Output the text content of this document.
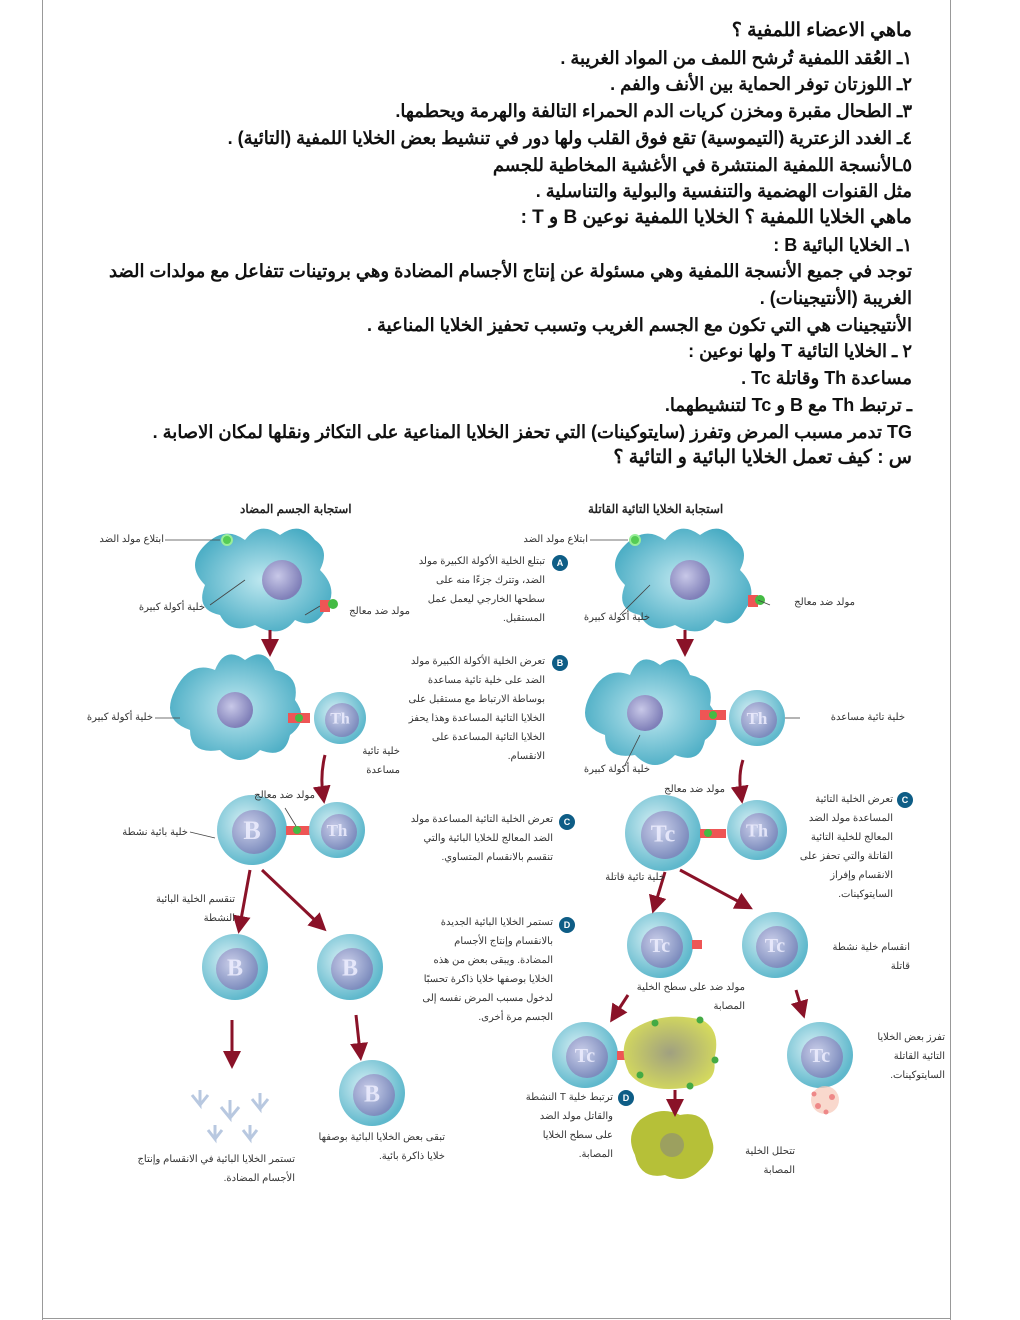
ماهي الاعضاء اللمفية ؟
١ـ العُقد اللمفية تُرشح اللمف من المواد الغريبة .
٢ـ اللوزتان توفر الحماية بين الأنف والفم .
٣ـ الطحال مقبرة ومخزن كريات الدم الحمراء التالفة والهرمة ويحطمها.
٤ـ الغدد الزعترية (التيموسية) تقع فوق القلب ولها دور في تنشيط بعض الخلايا اللمفية (التائية) .
٥ـالأنسجة اللمفية المنتشرة في الأغشية المخاطية للجسم
مثل القنوات الهضمية والتنفسية والبولية والتناسلية .
ماهي الخلايا اللمفية ؟ الخلايا اللمفية نوعين B و T :
١ـ الخلايا البائية B :
توجد في جميع الأنسجة اللمفية وهي مسئولة عن إنتاج الأجسام المضادة وهي بروتينات تتفاعل مع مولدات الضد الغريبة (الأنتيجينات) .
الأنتيجينات هي التي تكون مع الجسم الغريب وتسبب تحفيز الخلايا المناعية .
٢ ـ الخلايا التائية T ولها نوعين :
مساعدة Th وقاتلة Tc .
ـ ترتبط Th مع B و Tc لتنشيطهما.
TG تدمر مسبب المرض وتفرز (سايتوكينات) التي تحفز الخلايا المناعية على التكاثر ونقلها لمكان الاصابة .
س : كيف تعمل الخلايا البائية و التائية ؟
Th	Th
B	Th	Tc	Th
B	B
B
Tc	Tc
Tc	Tc
استجابة الجسم المضاد	استجابة الخلايا التائية القاتلة
ابتلاع مولد الضد	ابتلاع مولد الضد
خلية أكولة كبيرة
خلية أكولة كبيرة
مولد ضد معالج
مولد ضد معالج
خلية أكولة كبيرة
خلية أكولة كبيرة
خلية تائية مساعدة
خلية تائية مساعدة
مولد ضد معالج
مولد ضد معالج
خلية بائية نشطة
تنقسم الخلية البائية النشطة
خلية تائية قاتلة
انقسام خلية نشطة قاتلة
مولد ضد على سطح الخلية المصابة
تستمر الخلايا البائية في الانقسام وإنتاج الأجسام المضادة.
تبقى بعض الخلايا البائية بوصفها خلايا ذاكرة بائية.
تفرز بعض الخلايا التائية القاتلة السايتوكينات.
تتحلل الخلية المصابة
A
تبتلع الخلية الأكولة الكبيرة مولد الضد، وتترك جزءًا منه على سطحها الخارجي ليعمل عمل المستقبل.
B
تعرض الخلية الأكولة الكبيرة مولد الضد على خلية تائية مساعدة بوساطة الارتباط مع مستقبل على الخلايا التائية المساعدة وهذا يحفز الخلايا التائية المساعدة على الانقسام.
C
تعرض الخلية التائية المساعدة مولد الضد المعالج للخلايا البائية والتي تنقسم بالانقسام المتساوي.
C
تعرض الخلية التائية المساعدة مولد الضد المعالج للخلية التائية القاتلة والتي تحفز على الانقسام وإفراز السايتوكينات.
D
تستمر الخلايا البائية الجديدة بالانقسام وإنتاج الأجسام المضادة. ويبقى بعض من هذه الخلايا بوصفها خلايا ذاكرة تحسبًا لدخول مسبب المرض نفسه إلى الجسم مرة أخرى.
D
ترتبط خلية T النشطة والقاتل مولد الضد على سطح الخلايا المصابة.
